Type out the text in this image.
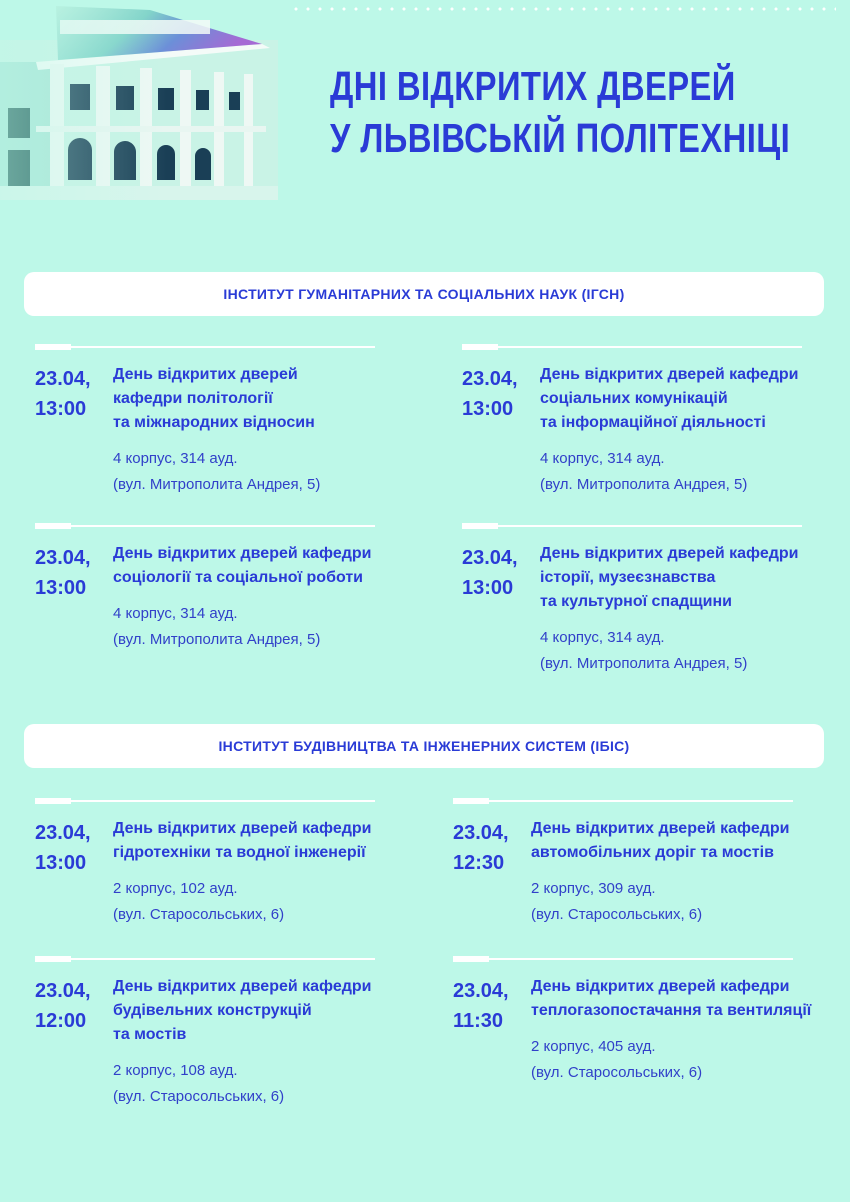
ДНІ ВІДКРИТИХ ДВЕРЕЙ
У ЛЬВІВСЬКІЙ ПОЛІТЕХНІЦІ
ІНСТИТУТ ГУМАНІТАРНИХ ТА СОЦІАЛЬНИХ НАУК (ІГСН)
23.04,
13:00
День відкритих дверей
кафедри політології
та міжнародних відносин
4 корпус, 314 ауд.
(вул. Митрополита Андрея, 5)
23.04,
13:00
День відкритих дверей кафедри
соціальних комунікацій
та інформаційної діяльності
4 корпус, 314 ауд.
(вул. Митрополита Андрея, 5)
23.04,
13:00
День відкритих дверей кафедри
соціології та соціальної роботи
4 корпус, 314 ауд.
(вул. Митрополита Андрея, 5)
23.04,
13:00
День відкритих дверей кафедри
історії, музеєзнавства
та культурної спадщини
4 корпус, 314 ауд.
(вул. Митрополита Андрея, 5)
ІНСТИТУТ БУДІВНИЦТВА ТА ІНЖЕНЕРНИХ СИСТЕМ (ІБІС)
23.04,
13:00
День відкритих дверей кафедри
гідротехніки та водної інженерії
2 корпус, 102 ауд.
(вул. Старосольських, 6)
23.04,
12:30
День відкритих дверей кафедри
автомобільних доріг та мостів
2 корпус, 309 ауд.
(вул. Старосольських, 6)
23.04,
12:00
День відкритих дверей кафедри
будівельних конструкцій
та мостів
2 корпус, 108 ауд.
(вул. Старосольських, 6)
23.04,
11:30
День відкритих дверей кафедри
теплогазопостачання та вентиляції
2 корпус, 405 ауд.
(вул. Старосольських, 6)
